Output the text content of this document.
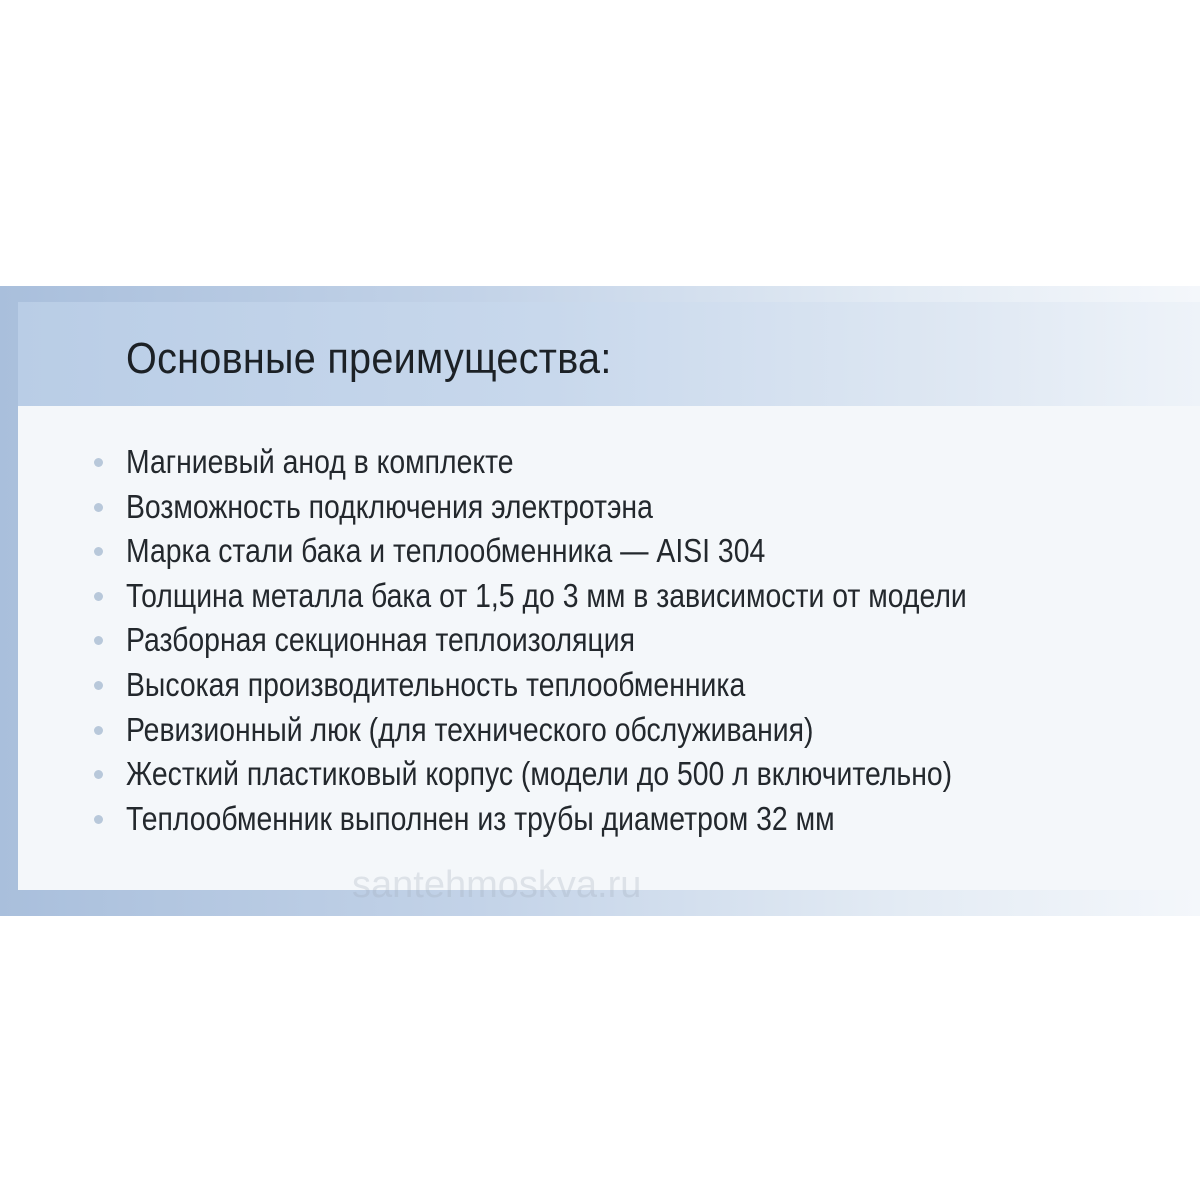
Основные преимущества:
Магниевый анод в комплекте
Возможность подключения электротэна
Марка стали бака и теплообменника — AISI 304
Толщина металла бака от 1,5 до 3 мм в зависимости от модели
Разборная секционная теплоизоляция
Высокая производительность теплообменника
Ревизионный люк (для технического обслуживания)
Жесткий пластиковый корпус (модели до 500 л включительно)
Теплообменник выполнен из трубы диаметром 32 мм
santehmoskva.ru
